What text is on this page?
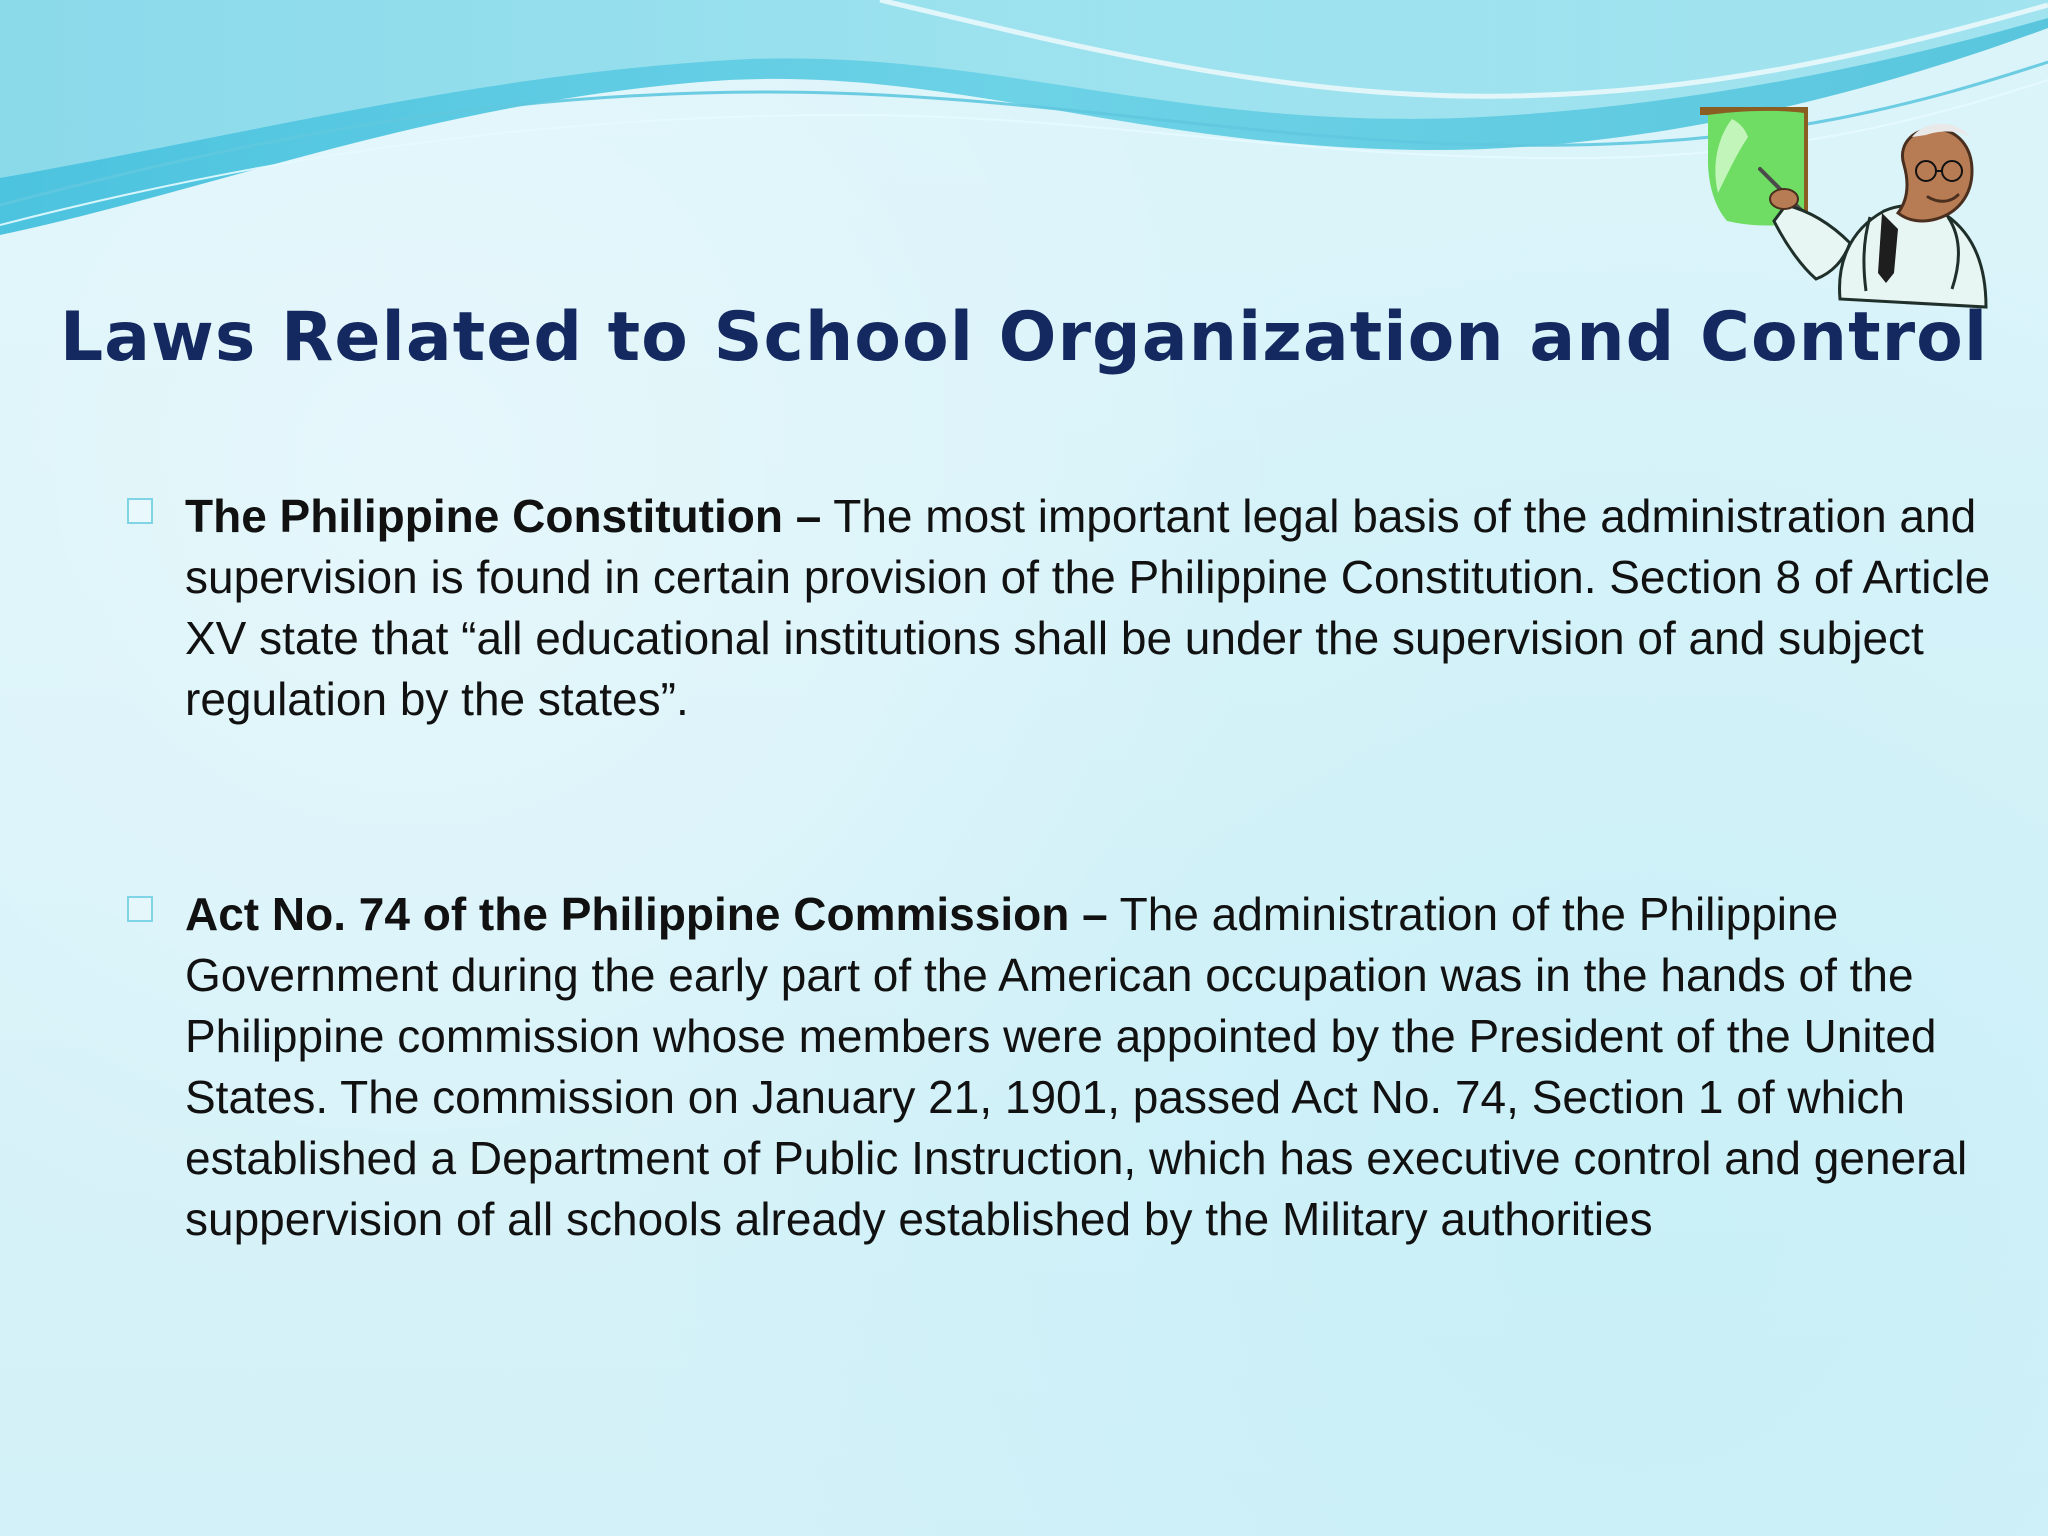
Laws Related to School Organization and Control
The Philippine Constitution – The most important legal basis of the administration and supervision is found in certain provision of the Philippine Constitution. Section 8 of Article XV state that “all educational institutions shall be under the supervision of and subject regulation by the states”.
Act No. 74 of the Philippine Commission – The administration of the Philippine Government during the early part of the American occupation was in the hands of the Philippine commission whose members were appointed by the President of the United States. The commission on January 21, 1901, passed Act No. 74, Section 1 of which established a Department of Public Instruction, which has executive control and general suppervision of all schools already established by the Military authorities
